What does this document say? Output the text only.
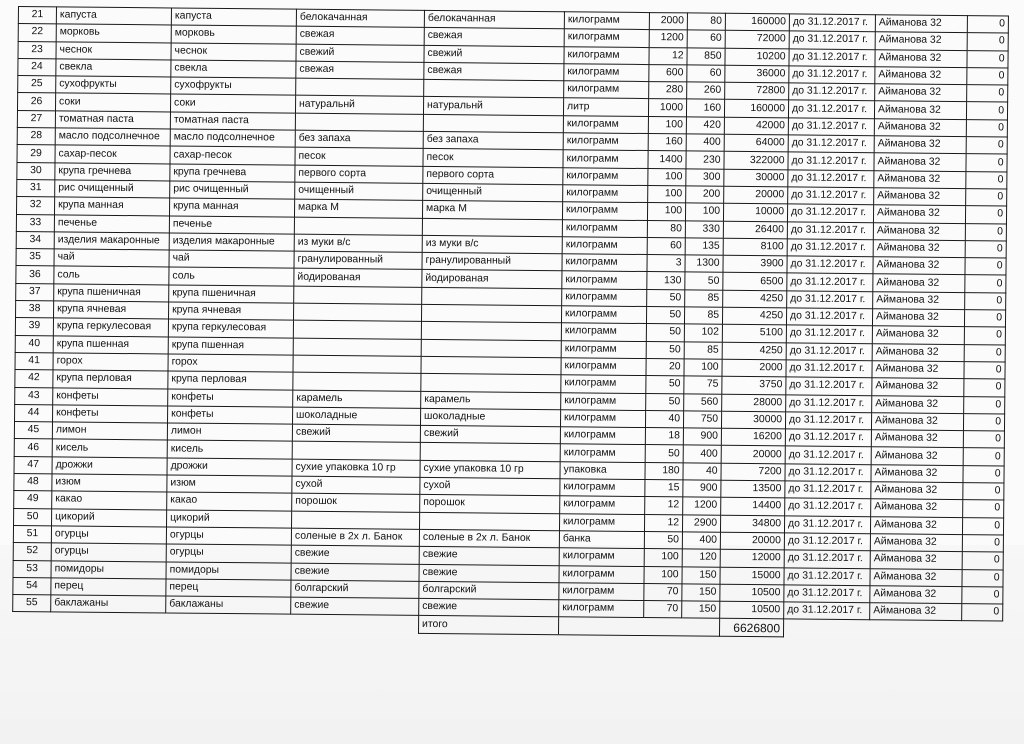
21	капуста	капуста	белокачанная	белокачанная	килограмм	2000	80	160000	до 31.12.2017 г.	Айманова 32	0
22	морковь	морковь	свежая	свежая	килограмм	1200	60	72000	до 31.12.2017 г.	Айманова 32	0
23	чеснок	чеснок	свежий	свежий	килограмм	12	850	10200	до 31.12.2017 г.	Айманова 32	0
24	свекла	свекла	свежая	свежая	килограмм	600	60	36000	до 31.12.2017 г.	Айманова 32	0
25	сухофрукты	сухофрукты			килограмм	280	260	72800	до 31.12.2017 г.	Айманова 32	0
26	соки	соки	натуральнй	натуральнй	литр	1000	160	160000	до 31.12.2017 г.	Айманова 32	0
27	томатная паста	томатная паста			килограмм	100	420	42000	до 31.12.2017 г.	Айманова 32	0
28	масло подсолнечное	масло подсолнечное	без запаха	без запаха	килограмм	160	400	64000	до 31.12.2017 г.	Айманова 32	0
29	сахар-песок	сахар-песок	песок	песок	килограмм	1400	230	322000	до 31.12.2017 г.	Айманова 32	0
30	крупа гречнева	крупа гречнева	первого сорта	первого сорта	килограмм	100	300	30000	до 31.12.2017 г.	Айманова 32	0
31	рис очищенный	рис очищенный	очищенный	очищенный	килограмм	100	200	20000	до 31.12.2017 г.	Айманова 32	0
32	крупа манная	крупа манная	марка М	марка М	килограмм	100	100	10000	до 31.12.2017 г.	Айманова 32	0
33	печенье	печенье			килограмм	80	330	26400	до 31.12.2017 г.	Айманова 32	0
34	изделия макаронные	изделия макаронные	из муки в/с	из муки в/с	килограмм	60	135	8100	до 31.12.2017 г.	Айманова 32	0
35	чай	чай	гранулированный	гранулированный	килограмм	3	1300	3900	до 31.12.2017 г.	Айманова 32	0
36	соль	соль	йодированая	йодированая	килограмм	130	50	6500	до 31.12.2017 г.	Айманова 32	0
37	крупа пшеничная	крупа пшеничная			килограмм	50	85	4250	до 31.12.2017 г.	Айманова 32	0
38	крупа ячневая	крупа ячневая			килограмм	50	85	4250	до 31.12.2017 г.	Айманова 32	0
39	крупа геркулесовая	крупа геркулесовая			килограмм	50	102	5100	до 31.12.2017 г.	Айманова 32	0
40	крупа пшенная	крупа пшенная			килограмм	50	85	4250	до 31.12.2017 г.	Айманова 32	0
41	горох	горох			килограмм	20	100	2000	до 31.12.2017 г.	Айманова 32	0
42	крупа перловая	крупа перловая			килограмм	50	75	3750	до 31.12.2017 г.	Айманова 32	0
43	конфеты	конфеты	карамель	карамель	килограмм	50	560	28000	до 31.12.2017 г.	Айманова 32	0
44	конфеты	конфеты	шоколадные	шоколадные	килограмм	40	750	30000	до 31.12.2017 г.	Айманова 32	0
45	лимон	лимон	свежий	свежий	килограмм	18	900	16200	до 31.12.2017 г.	Айманова 32	0
46	кисель	кисель			килограмм	50	400	20000	до 31.12.2017 г.	Айманова 32	0
47	дрожжи	дрожжи	сухие упаковка 10 гр	сухие упаковка 10 гр	упаковка	180	40	7200	до 31.12.2017 г.	Айманова 32	0
48	изюм	изюм	сухой	сухой	килограмм	15	900	13500	до 31.12.2017 г.	Айманова 32	0
49	какао	какао	порошок	порошок	килограмм	12	1200	14400	до 31.12.2017 г.	Айманова 32	0
50	цикорий	цикорий			килограмм	12	2900	34800	до 31.12.2017 г.	Айманова 32	0
51	огурцы	огурцы	соленые в 2х л. Банок	соленые в 2х л. Банок	банка	50	400	20000	до 31.12.2017 г.	Айманова 32	0
52	огурцы	огурцы	свежие	свежие	килограмм	100	120	12000	до 31.12.2017 г.	Айманова 32	0
53	помидоры	помидоры	свежие	свежие	килограмм	100	150	15000	до 31.12.2017 г.	Айманова 32	0
54	перец	перец	болгарский	болгарский	килограмм	70	150	10500	до 31.12.2017 г.	Айманова 32	0
55	баклажаны	баклажаны	свежие	свежие	килограмм	70	150	10500	до 31.12.2017 г.	Айманова 32	0
				итого				6626800			
